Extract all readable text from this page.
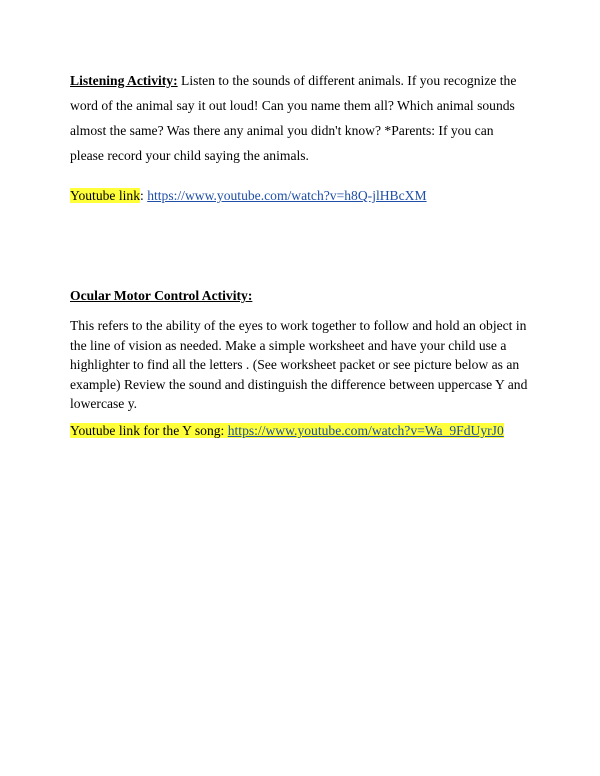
Listening Activity: Listen to the sounds of different animals. If you recognize the word of the animal say it out loud! Can you name them all? Which animal sounds almost the same? Was there any animal you didn't know? *Parents: If you can please record your child saying the animals.
Youtube link: https://www.youtube.com/watch?v=h8Q-jlHBcXM
Ocular Motor Control Activity:
This refers to the ability of the eyes to work together to follow and hold an object in the line of vision as needed. Make a simple worksheet and have your child use a highlighter to find all the letters . (See worksheet packet or see picture below as an example) Review the sound and distinguish the difference between uppercase Y and lowercase y.
Youtube link for the Y song: https://www.youtube.com/watch?v=Wa_9FdUyrJ0
